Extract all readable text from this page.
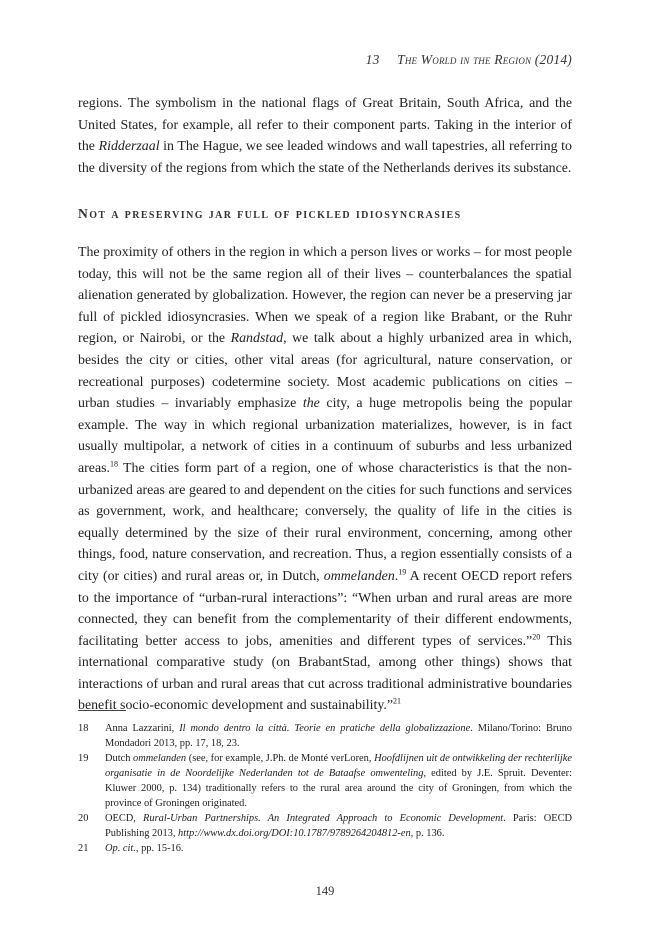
13 The World in the Region (2014)

regions. The symbolism in the national flags of Great Britain, South Africa, and the United States, for example, all refer to their component parts. Taking in the interior of the Ridderzaal in The Hague, we see leaded windows and wall tapestries, all referring to the diversity of the regions from which the state of the Netherlands derives its substance.

Not a preserving jar full of pickled idiosyncrasies

The proximity of others in the region in which a person lives or works – for most people today, this will not be the same region all of their lives – counterbalances the spatial alienation generated by globalization. However, the region can never be a preserving jar full of pickled idiosyncrasies. When we speak of a region like Brabant, or the Ruhr region, or Nairobi, or the Randstad, we talk about a highly urbanized area in which, besides the city or cities, other vital areas (for agricultural, nature conservation, or recreational purposes) codetermine society. Most academic publications on cities – urban studies – invariably emphasize the city, a huge metropolis being the popular example. The way in which regional urbanization materializes, however, is in fact usually multipolar, a network of cities in a continuum of suburbs and less urbanized areas.$^{18}$ The cities form part of a region, one of whose characteristics is that the non-urbanized areas are geared to and dependent on the cities for such functions and services as government, work, and healthcare; conversely, the quality of life in the cities is equally determined by the size of their rural environment, concerning, among other things, food, nature conservation, and recreation. Thus, a region essentially consists of a city (or cities) and rural areas or, in Dutch, ommelanden.$^{19}$ A recent OECD report refers to the importance of “urban-rural interactions”: “When urban and rural areas are more connected, they can benefit from the complementarity of their different endowments, facilitating better access to jobs, amenities and different types of services.”$^{20}$ This international comparative study (on BrabantStad, among other things) shows that interactions of urban and rural areas that cut across traditional administrative boundaries benefit socio-economic development and sustainability.”$^{21}$

18 Anna Lazzarini, Il mondo dentro la città. Teorie en pratiche della globalizzazione. Milano/Torino: Bruno Mondadori 2013, pp. 17, 18, 23.
19 Dutch ommelanden (see, for example, J.Ph. de Monté verLoren, Hoofdlijnen uit de ontwikkeling der rechterlijke organisatie in de Noordelijke Nederlanden tot de Bataafse omwenteling, edited by J.E. Spruit. Deventer: Kluwer 2000, p. 134) traditionally refers to the rural area around the city of Groningen, from which the province of Groningen originated.
20 OECD, Rural-Urban Partnerships. An Integrated Approach to Economic Development. Paris: OECD Publishing 2013, http://www.dx.doi.org/DOI:10.1787/9789264204812-en, p. 136.
21 Op. cit., pp. 15-16.
149
